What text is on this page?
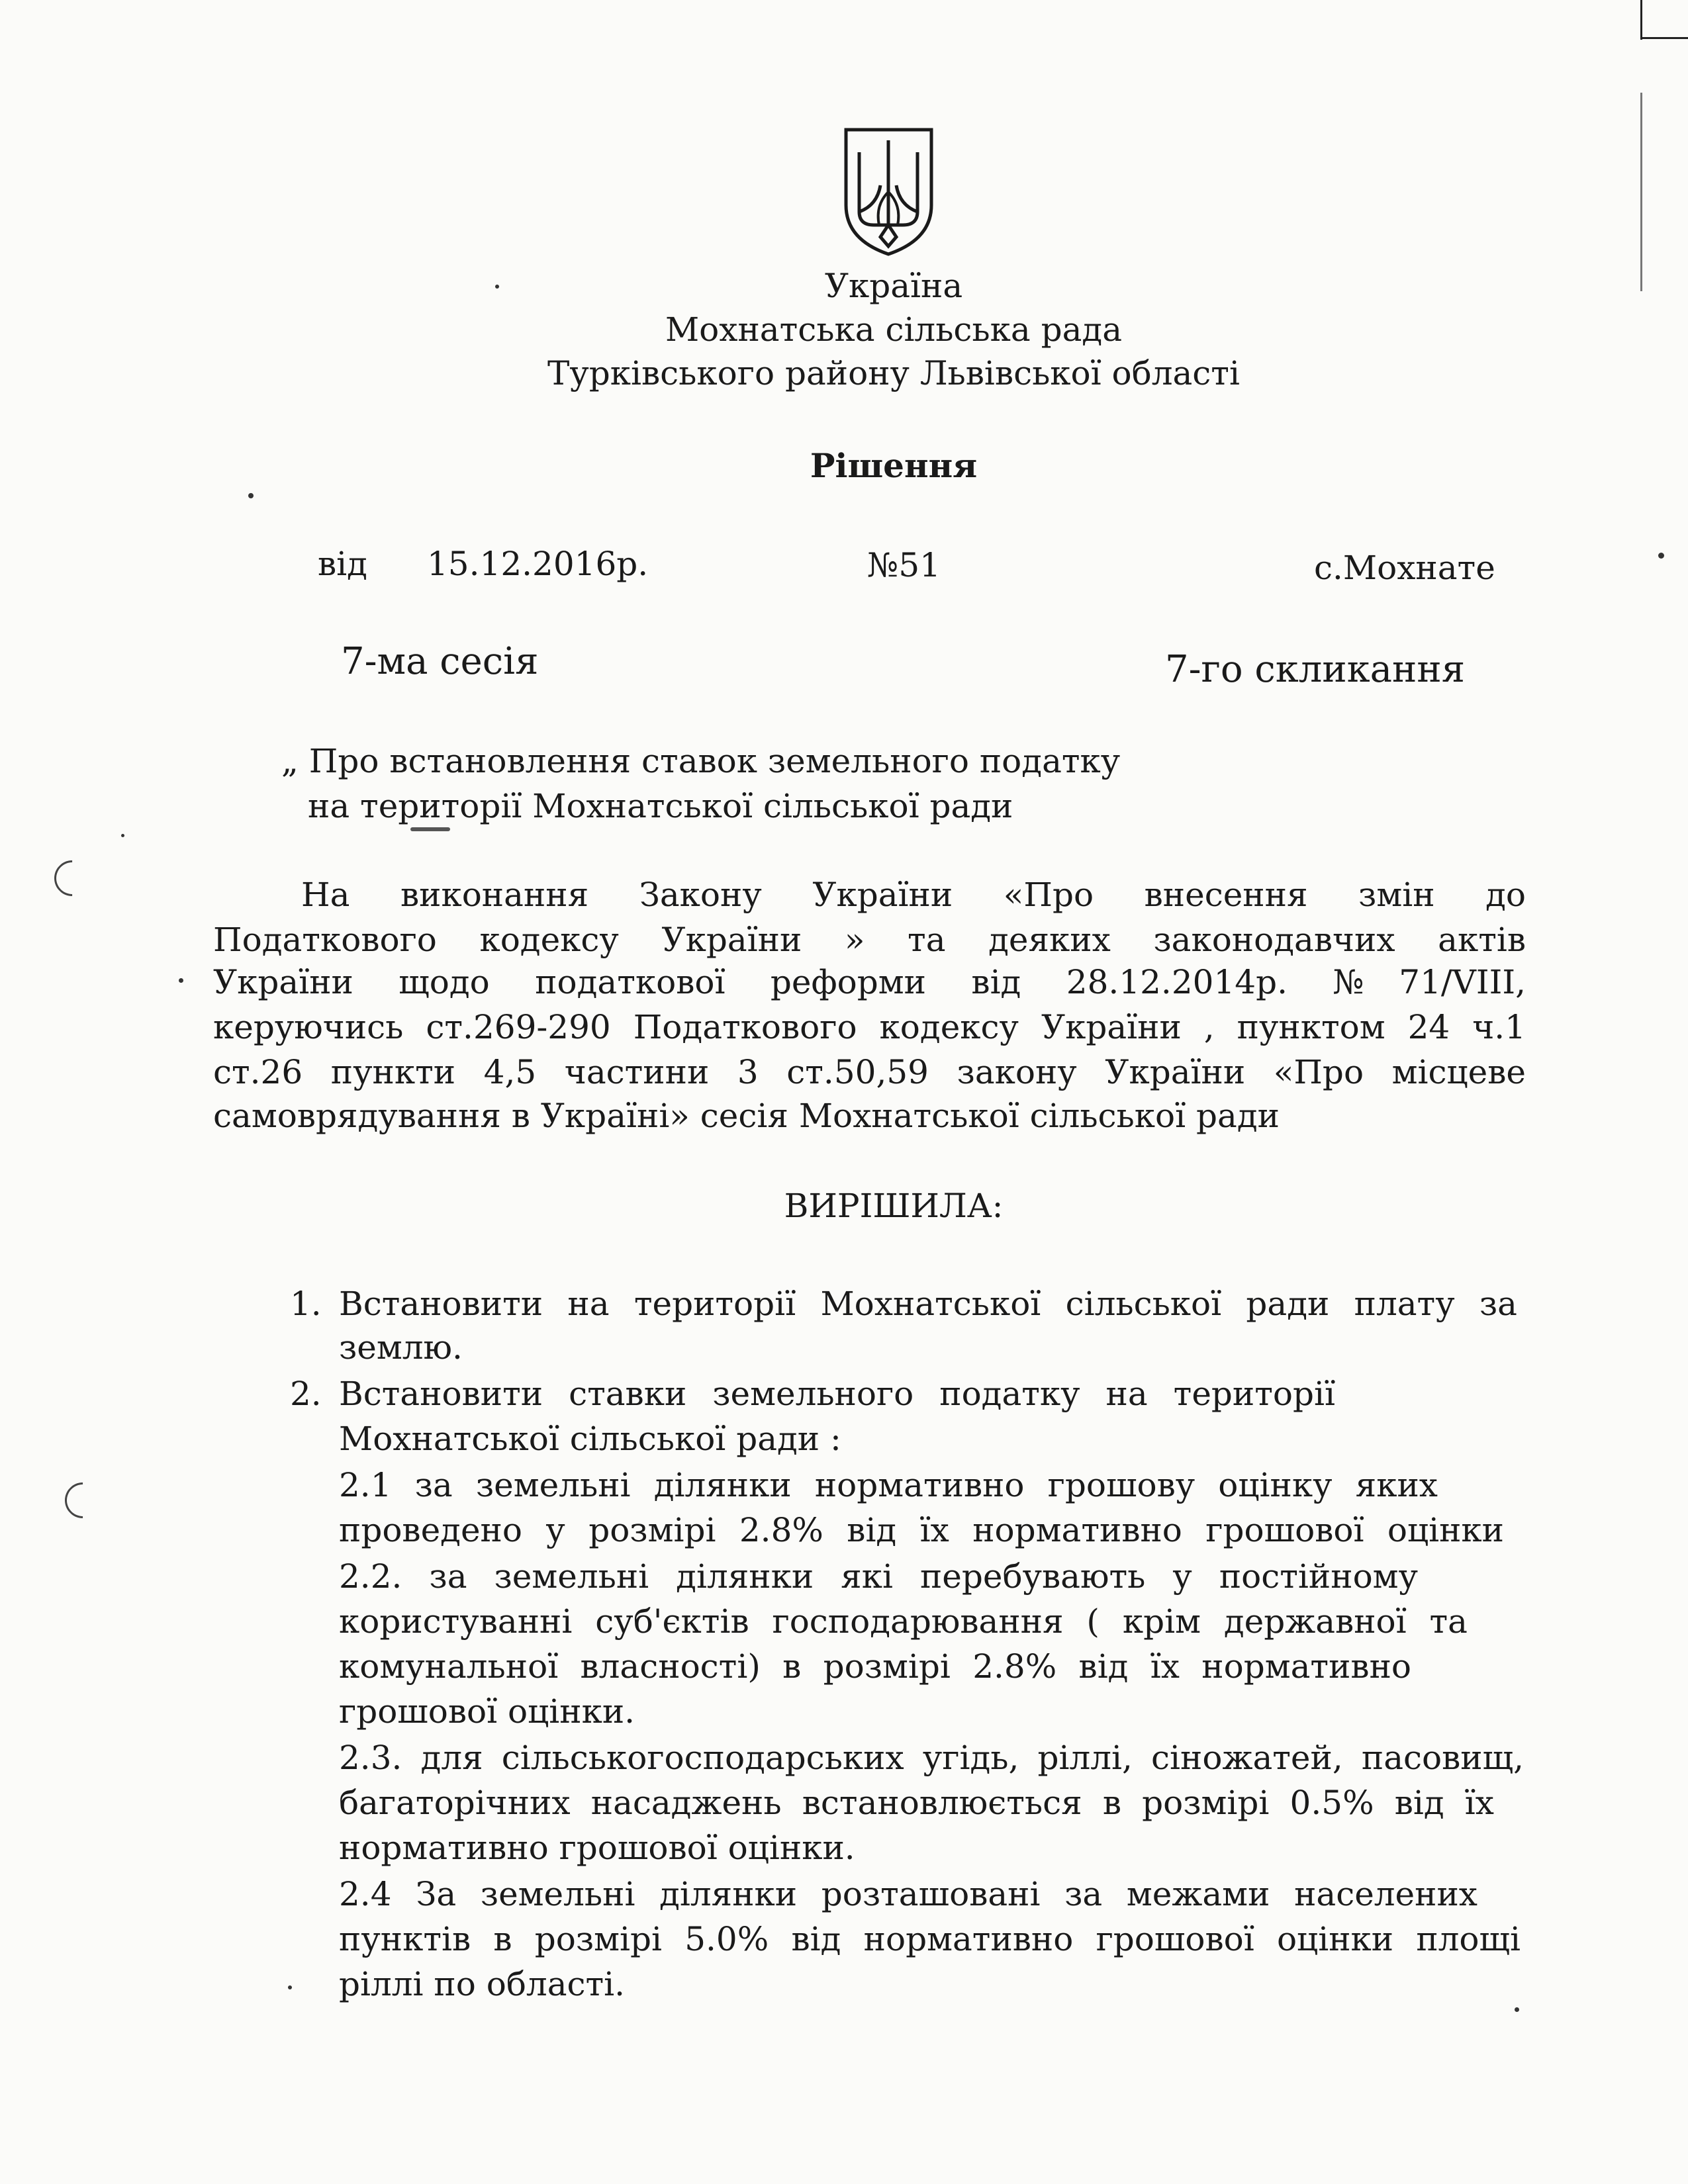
Україна
Мохнатська сільська рада
Турківського району Львівської області
Рішення
від 15.12.2016р.	№51	с.Мохнате
7-ма сесія	7-го скликання
„ Про встановлення ставок земельного податку
на території Мохнатської сільської ради
На виконання Закону України «Про внесення змін до
Податкового кодексу України » та деяких законодавчих актів
України щодо податкової реформи від 28.12.2014р. №71/VIII,
керуючись ст.269-290 Податкового кодексу України , пунктом 24 ч.1
ст.26 пункти 4,5 частини 3 ст.50,59 закону України «Про місцеве
самоврядування в Україні» сесія Мохнатської сільської ради
ВИРІШИЛА:
1. Встановити на території Мохнатської сільської ради плату за
землю.
2. Встановити ставки земельного податку на території
Мохнатської сільської ради :
2.1 за земельні ділянки нормативно грошову оцінку яких
проведено у розмірі 2.8% від їх нормативно грошової оцінки
2.2. за земельні ділянки які перебувають у постійному
користуванні суб'єктів господарювання ( крім державної та
комунальної власності) в розмірі 2.8% від їх нормативно
грошової оцінки.
2.3. для сільськогосподарських угідь, ріллі, сіножатей, пасовищ,
багаторічних насаджень встановлюється в розмірі 0.5% від їх
нормативно грошової оцінки.
2.4 За земельні ділянки розташовані за межами населених
пунктів в розмірі 5.0% від нормативно грошової оцінки площі
ріллі по області.
